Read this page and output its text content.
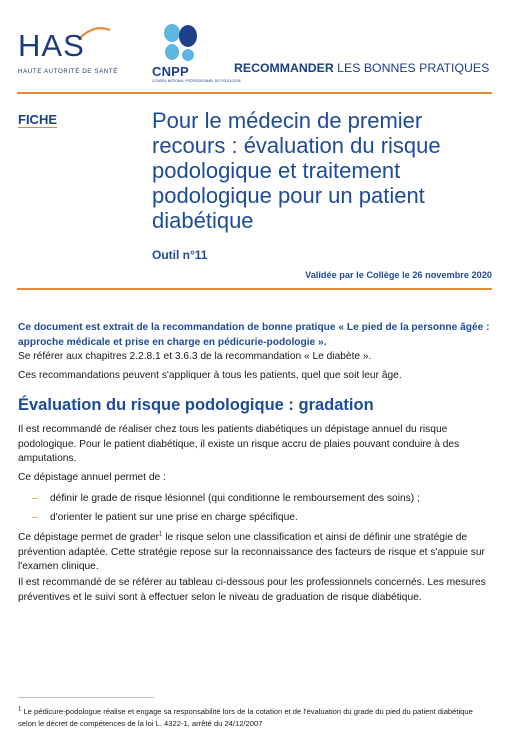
HAS
HAUTE AUTORITÉ DE SANTÉ	CNPP
CONSEIL NATIONAL PROFESSIONNEL DE PODOLOGIE
RECOMMANDER LES BONNES PRATIQUES
FICHE	Pour le médecin de premier recours : évaluation du risque podologique et traitement podologique pour un patient diabétique
Outil n°11
Validée par le Collège le 26 novembre 2020

Ce document est extrait de la recommandation de bonne pratique « Le pied de la personne âgée : approche médicale et prise en charge en pédicurie-podologie ».

Se référer aux chapitres 2.2.8.1 et 3.6.3 de la recommandation « Le diabète ».

Ces recommandations peuvent s'appliquer à tous les patients, quel que soit leur âge.

Évaluation du risque podologique : gradation

Il est recommandé de réaliser chez tous les patients diabétiques un dépistage annuel du risque podologique. Pour le patient diabétique, il existe un risque accru de plaies pouvant conduire à des amputations.

Ce dépistage annuel permet de :

– définir le grade de risque lésionnel (qui conditionne le remboursement des soins) ;
– d'orienter le patient sur une prise en charge spécifique.

Ce dépistage permet de grader$^1$ le risque selon une classification et ainsi de définir une stratégie de prévention adaptée. Cette stratégie repose sur la reconnaissance des facteurs de risque et s'appuie sur l'examen clinique.

Il est recommandé de se référer au tableau ci-dessous pour les professionnels concernés. Les mesures préventives et le suivi sont à effectuer selon le niveau de graduation de risque diabétique.

$^1$ Le pédicure-podologue réalise et engage sa responsabilité lors de la cotation et de l'évaluation du grade du pied du patient diabétique selon le décret de compétences de la loi L. 4322-1, arrêté du 24/12/2007
